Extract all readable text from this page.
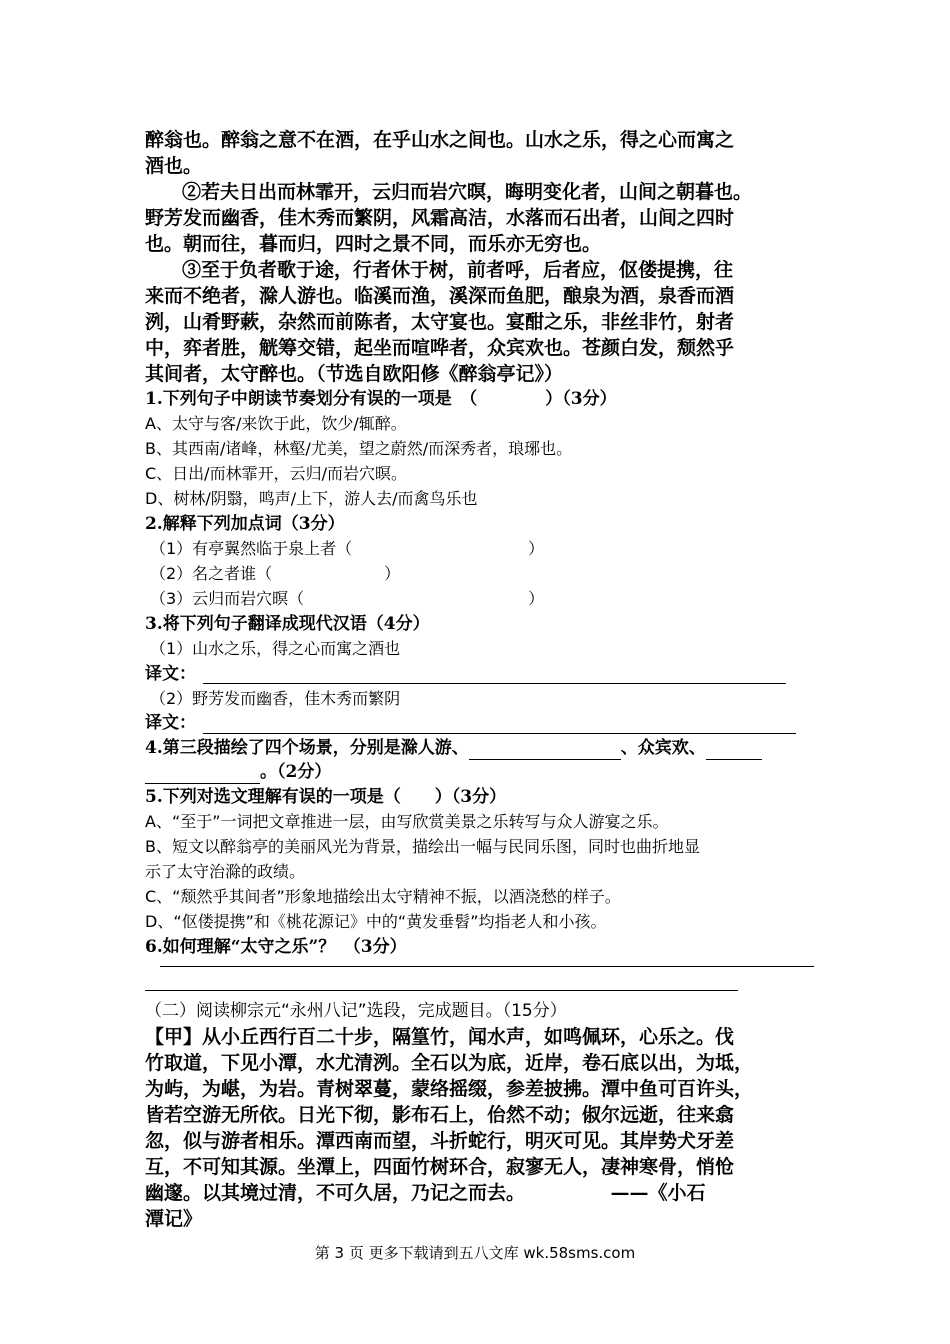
醉翁也。醉翁之意不在酒，在乎山水之间也。山水之乐，得之心而寓之
酒也。
②若夫日出而林霏开，云归而岩穴暝，晦明变化者，山间之朝暮也。
野芳发而幽香，佳木秀而繁阴，风霜高洁，水落而石出者，山间之四时
也。朝而往，暮而归，四时之景不同，而乐亦无穷也。
③至于负者歌于途，行者休于树，前者呼，后者应，伛偻提携，往
来而不绝者，滁人游也。临溪而渔，溪深而鱼肥，酿泉为酒，泉香而酒
洌，山肴野蔌，杂然而前陈者，太守宴也。宴酣之乐，非丝非竹，射者
中，弈者胜，觥筹交错，起坐而喧哗者，众宾欢也。苍颜白发，颓然乎
其间者，太守醉也。（节选自欧阳修《醉翁亭记》）
1.下列句子中朗读节奏划分有误的一项是　（　　　　）（3分）
A、太守与客/来饮于此，饮少/辄醉。
B、其西南/诸峰，林壑/尤美，望之蔚然/而深秀者，琅琊也。
C、日出/而林霏开，云归/而岩穴暝。
D、树林/阴翳，鸣声/上下，游人去/而禽鸟乐也
2.解释下列加点词（3分）
（1）有亭翼然临于泉上者（　　　　　　　　　　　）
（2）名之者谁（　　　　　　　）
（3）云归而岩穴暝（　　　　　　　　　　　　　　）
3.将下列句子翻译成现代汉语（4分）
（1）山水之乐，得之心而寓之酒也
译文：
（2）野芳发而幽香，佳木秀而繁阴
译文：
4.第三段描绘了四个场景，分别是滁人游、	、众宾欢、
。（2分）
5.下列对选文理解有误的一项是（　　）（3分）
A、“至于”一词把文章推进一层，由写欣赏美景之乐转写与众人游宴之乐。
B、短文以醉翁亭的美丽风光为背景，描绘出一幅与民同乐图，同时也曲折地显
示了太守治滁的政绩。
C、“颓然乎其间者”形象地描绘出太守精神不振，以酒浇愁的样子。
D、“伛偻提携”和《桃花源记》中的“黄发垂髫”均指老人和小孩。
6.如何理解“太守之乐”？　（3分）
（二）阅读柳宗元“永州八记”选段，完成题目。（15分）
【甲】从小丘西行百二十步，隔篁竹，闻水声，如鸣佩环，心乐之。伐
竹取道，下见小潭，水尤清洌。全石以为底，近岸，卷石底以出，为坻，
为屿，为嵁，为岩。青树翠蔓，蒙络摇缀，参差披拂。潭中鱼可百许头，
皆若空游无所依。日光下彻，影布石上，佁然不动；俶尔远逝，往来翕
忽，似与游者相乐。潭西南而望，斗折蛇行，明灭可见。其岸势犬牙差
互，不可知其源。坐潭上，四面竹树环合，寂寥无人，凄神寒骨，悄怆
幽邃。以其境过清，不可久居，乃记之而去。　　　　　——《小石
潭记》
第 3 页 更多下载请到五八文库 wk.58sms.com
